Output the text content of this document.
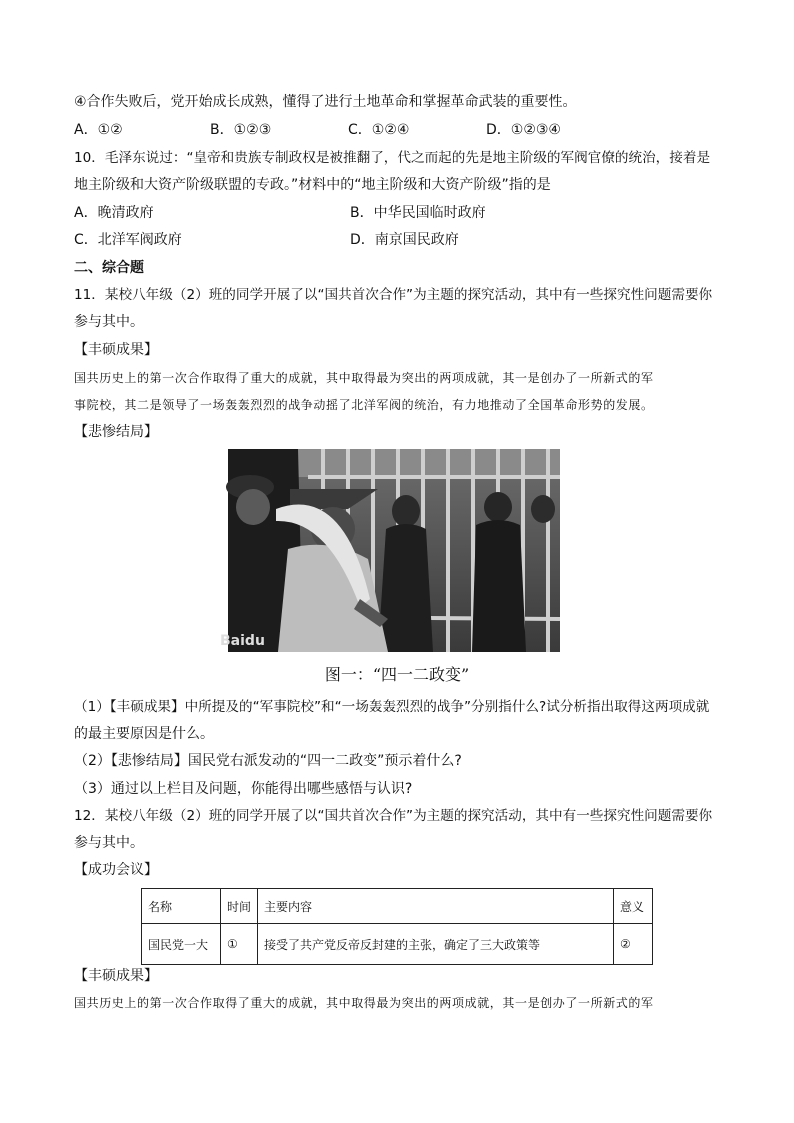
④合作失败后，党开始成长成熟，懂得了进行土地革命和掌握革命武装的重要性。
A．①②	B．①②③	C．①②④	D．①②③④
10．毛泽东说过：“皇帝和贵族专制政权是被推翻了，代之而起的先是地主阶级的军阀官僚的统治，接着是
地主阶级和大资产阶级联盟的专政。”材料中的“地主阶级和大资产阶级”指的是
A．晚清政府	B．中华民国临时政府
C．北洋军阀政府	D．南京国民政府
二、综合题
11．某校八年级（2）班的同学开展了以“国共首次合作”为主题的探究活动，其中有一些探究性问题需要你
参与其中。
【丰硕成果】
国共历史上的第一次合作取得了重大的成就，其中取得最为突出的两项成就，其一是创办了一所新式的军
事院校，其二是领导了一场轰轰烈烈的战争动摇了北洋军阀的统治，有力地推动了全国革命形势的发展。
【悲惨结局】
Baidu
图一：“四一二政变”
（1）【丰硕成果】中所提及的“军事院校”和“一场轰轰烈烈的战争”分别指什么?试分析指出取得这两项成就
的最主要原因是什么。
（2）【悲惨结局】国民党右派发动的“四一二政变”预示着什么?
（3）通过以上栏目及问题，你能得出哪些感悟与认识?
12．某校八年级（2）班的同学开展了以“国共首次合作”为主题的探究活动，其中有一些探究性问题需要你
参与其中。
【成功会议】
名称	时间	主要内容	意义
国民党一大	①	接受了共产党反帝反封建的主张，确定了三大政策等	②
【丰硕成果】
国共历史上的第一次合作取得了重大的成就，其中取得最为突出的两项成就，其一是创办了一所新式的军
